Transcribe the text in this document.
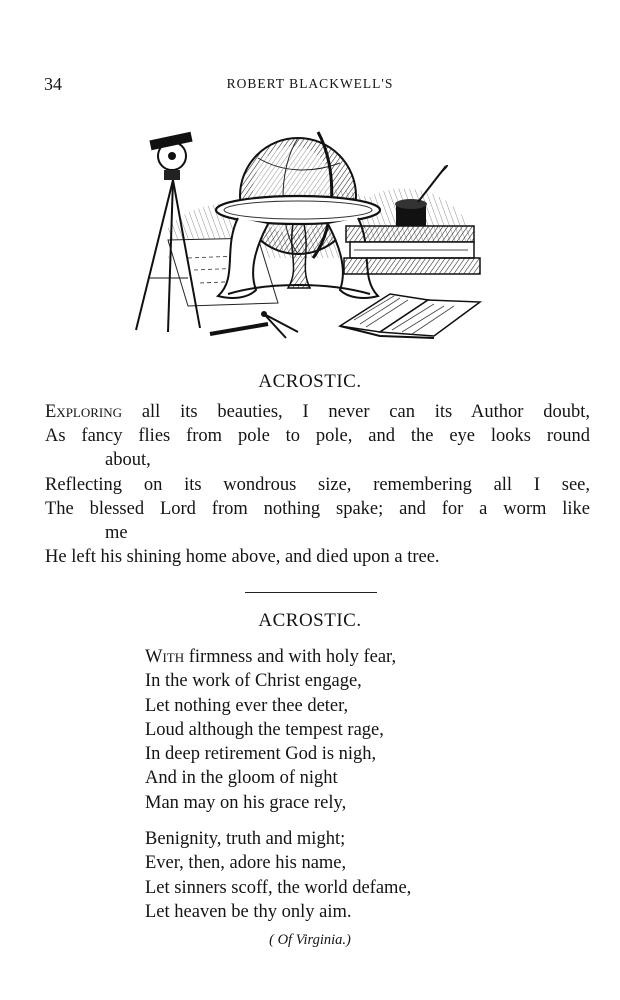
34	ROBERT BLACKWELL'S
ACROSTIC.
Exploring all its beauties, I never can its Author doubt,
As fancy flies from pole to pole, and the eye looks round
about,
Reflecting on its wondrous size, remembering all I see,
The blessed Lord from nothing spake; and for a worm like
me
He left his shining home above, and died upon a tree.
ACROSTIC.
With firmness and with holy fear,
In the work of Christ engage,
Let nothing ever thee deter,
Loud although the tempest rage,
In deep retirement God is nigh,
And in the gloom of night
Man may on his grace rely,
Benignity, truth and might;
Ever, then, adore his name,
Let sinners scoff, the world defame,
Let heaven be thy only aim.
( Of Virginia.)
